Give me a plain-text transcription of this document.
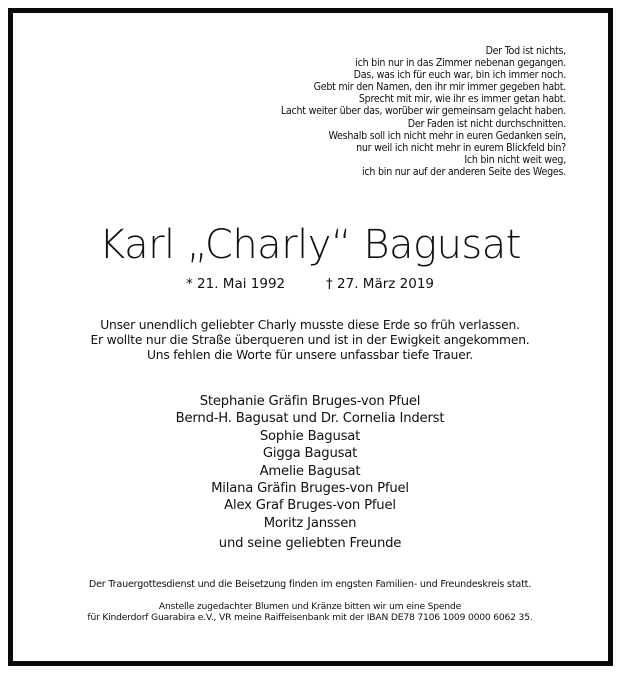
Der Tod ist nichts,
ich bin nur in das Zimmer nebenan gegangen.
Das, was ich für euch war, bin ich immer noch.
Gebt mir den Namen, den ihr mir immer gegeben habt.
Sprecht mit mir, wie ihr es immer getan habt.
Lacht weiter über das, worüber wir gemeinsam gelacht haben.
Der Faden ist nicht durchschnitten.
Weshalb soll ich nicht mehr in euren Gedanken sein,
nur weil ich nicht mehr in eurem Blickfeld bin?
Ich bin nicht weit weg,
ich bin nur auf der anderen Seite des Weges.
Karl „Charly“ Bagusat
* 21. Mai 1992	† 27. März 2019
Unser unendlich geliebter Charly musste diese Erde so früh verlassen.
Er wollte nur die Straße überqueren und ist in der Ewigkeit angekommen.
Uns fehlen die Worte für unsere unfassbar tiefe Trauer.
Stephanie Gräfin Bruges-von Pfuel
Bernd-H. Bagusat und Dr. Cornelia Inderst
Sophie Bagusat
Gigga Bagusat
Amelie Bagusat
Milana Gräfin Bruges-von Pfuel
Alex Graf Bruges-von Pfuel
Moritz Janssen
und seine geliebten Freunde
Der Trauergottesdienst und die Beisetzung finden im engsten Familien- und Freundeskreis statt.
Anstelle zugedachter Blumen und Kränze bitten wir um eine Spende
für Kinderdorf Guarabira e.V., VR meine Raiffeisenbank mit der IBAN DE78 7106 1009 0000 6062 35.
